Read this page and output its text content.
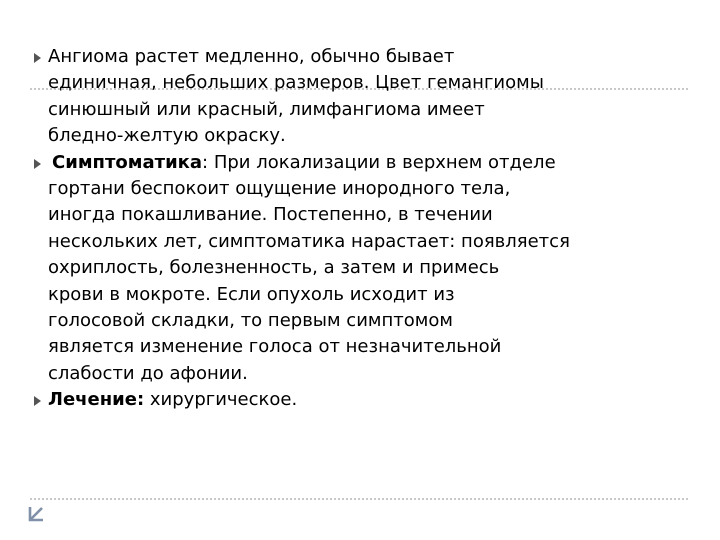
Ангиома растет медленно, обычно бывает
единичная, небольших размеров. Цвет гемангиомы
синюшный или красный, лимфангиома имеет
бледно-желтую окраску.
Симптоматика: При локализации в верхнем отделе
гортани беспокоит ощущение инородного тела,
иногда покашливание. Постепенно, в течении
нескольких лет, симптоматика нарастает: появляется
охриплость, болезненность, а затем и примесь
крови в мокроте. Если опухоль исходит из
голосовой складки, то первым симптомом
является изменение голоса от незначительной
слабости до афонии.
Лечение: хирургическое.
